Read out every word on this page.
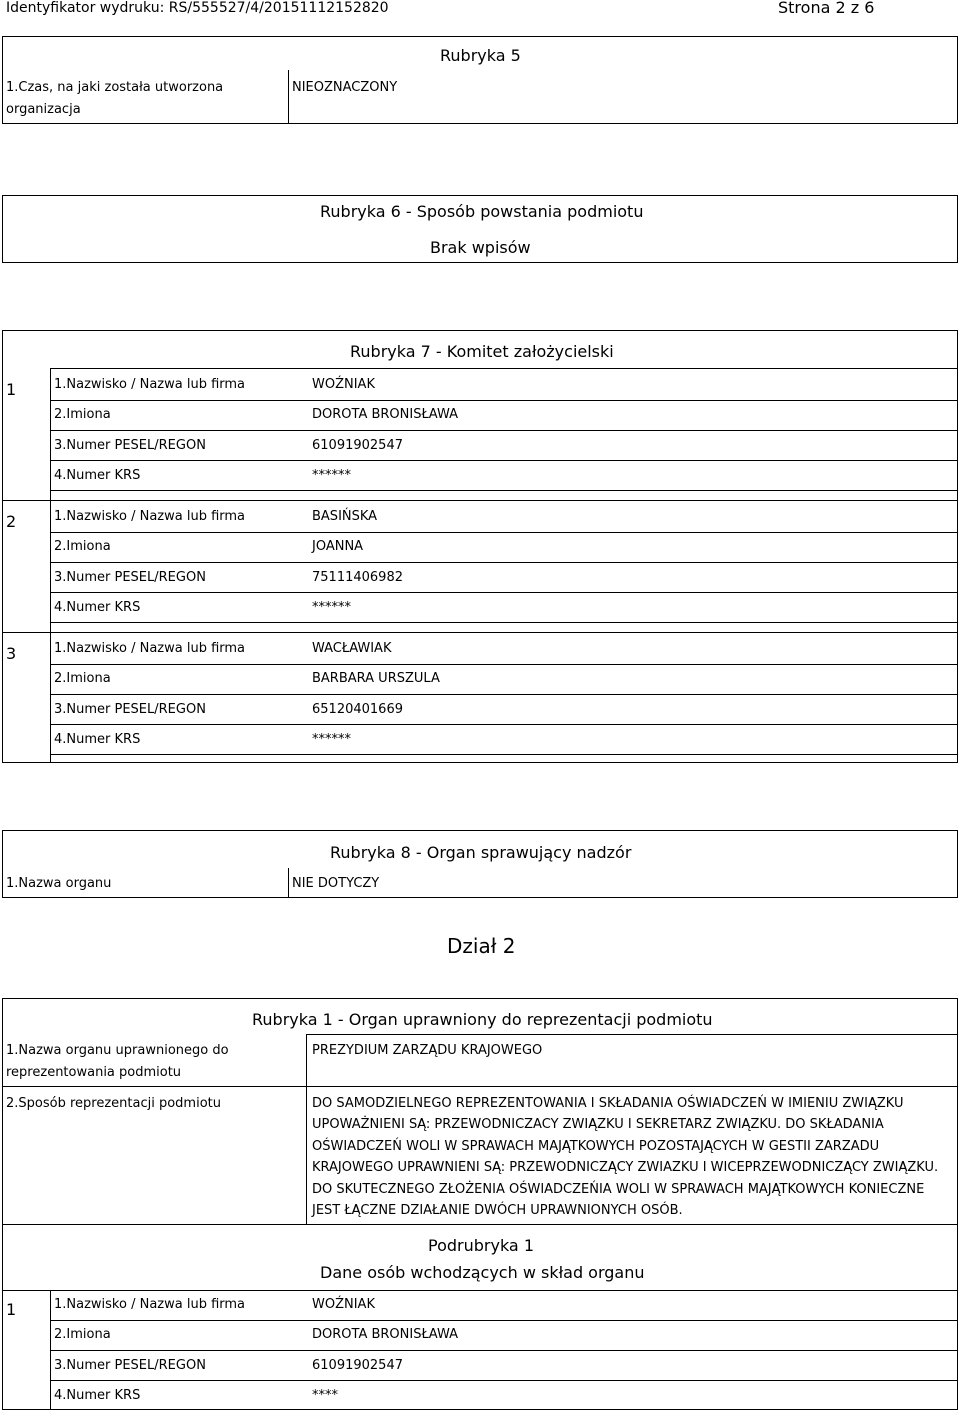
Identyfikator wydruku: RS/555527/4/20151112152820	Strona 2 z 6
Rubryka 5
1.Czas, na jaki została utworzona
organizacja
NIEOZNACZONY
Rubryka 6 - Sposób powstania podmiotu
Brak wpisów
Rubryka 7 - Komitet założycielski
1	1.Nazwisko / Nazwa lub firma	WOŹNIAK
2.Imiona	DOROTA BRONISŁAWA
3.Numer PESEL/REGON	61091902547
4.Numer KRS	******
2	1.Nazwisko / Nazwa lub firma	BASIŃSKA
2.Imiona	JOANNA
3.Numer PESEL/REGON	75111406982
4.Numer KRS	******
3	1.Nazwisko / Nazwa lub firma	WACŁAWIAK
2.Imiona	BARBARA URSZULA
3.Numer PESEL/REGON	65120401669
4.Numer KRS	******
Rubryka 8 - Organ sprawujący nadzór
1.Nazwa organu	NIE DOTYCZY
Dział 2
Rubryka 1 - Organ uprawniony do reprezentacji podmiotu
1.Nazwa organu uprawnionego do
reprezentowania podmiotu
PREZYDIUM ZARZĄDU KRAJOWEGO
2.Sposób reprezentacji podmiotu	DO SAMODZIELNEGO REPREZENTOWANIA I SKŁADANIA OŚWIADCZEŃ W IMIENIU ZWIĄZKU
UPOWAŻNIENI SĄ: PRZEWODNICZACY ZWIĄZKU I SEKRETARZ ZWIĄZKU. DO SKŁADANIA
OŚWIADCZEŃ WOLI W SPRAWACH MAJĄTKOWYCH POZOSTAJĄCYCH W GESTII ZARZADU
KRAJOWEGO UPRAWNIENI SĄ: PRZEWODNICZĄCY ZWIAZKU I WICEPRZEWODNICZĄCY ZWIĄZKU.
DO SKUTECZNEGO ZŁOŻENIA OŚWIADCZEŃIA WOLI W SPRAWACH MAJĄTKOWYCH KONIECZNE
JEST ŁĄCZNE DZIAŁANIE DWÓCH UPRAWNIONYCH OSÓB.
Podrubryka 1
Dane osób wchodzących w skład organu
1	1.Nazwisko / Nazwa lub firma	WOŹNIAK
2.Imiona	DOROTA BRONISŁAWA
3.Numer PESEL/REGON	61091902547
4.Numer KRS	****
